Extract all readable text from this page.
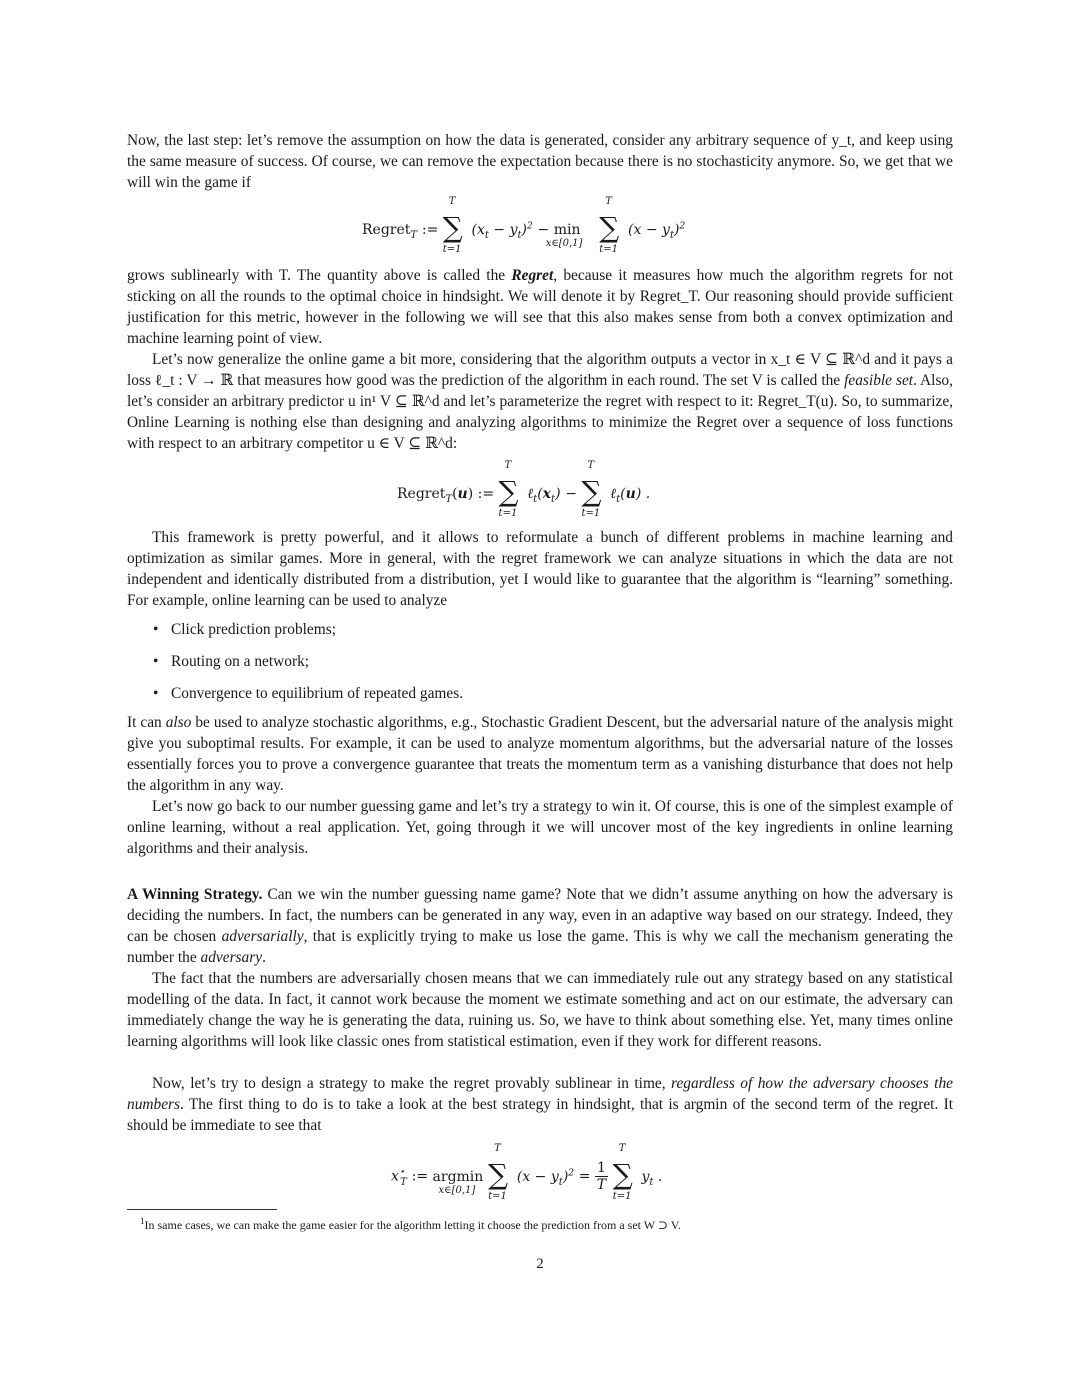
Now, the last step: let’s remove the assumption on how the data is generated, consider any arbitrary sequence of y_t, and keep using the same measure of success. Of course, we can remove the expectation because there is no stochasticity anymore. So, we get that we will win the game if

Regret$_T$ := ∑
T
t=1
$(x_t - y_t)^2 - \min$
x∈[0,1]
∑
T
t=1
$(x - y_t)^2$

grows sublinearly with T. The quantity above is called the Regret, because it measures how much the algorithm regrets for not sticking on all the rounds to the optimal choice in hindsight. We will denote it by Regret_T. Our reasoning should provide sufficient justification for this metric, however in the following we will see that this also makes sense from both a convex optimization and machine learning point of view.

Let’s now generalize the online game a bit more, considering that the algorithm outputs a vector in x_t ∈ V ⊆ ℝ^d and it pays a loss ℓ_t : V → ℝ that measures how good was the prediction of the algorithm in each round. The set V is called the feasible set. Also, let’s consider an arbitrary predictor u in¹ V ⊆ ℝ^d and let’s parameterize the regret with respect to it: Regret_T(u). So, to summarize, Online Learning is nothing else than designing and analyzing algorithms to minimize the Regret over a sequence of loss functions with respect to an arbitrary competitor u ∈ V ⊆ ℝ^d:

Regret$_T$(u) := ∑
T
t=1
$\ell_t(x_t)$ − ∑
T
t=1
ℓ$_t$(u) .

This framework is pretty powerful, and it allows to reformulate a bunch of different problems in machine learning and optimization as similar games. More in general, with the regret framework we can analyze situations in which the data are not independent and identically distributed from a distribution, yet I would like to guarantee that the algorithm is “learning” something. For example, online learning can be used to analyze

• Click prediction problems;
• Routing on a network;
• Convergence to equilibrium of repeated games.

It can also be used to analyze stochastic algorithms, e.g., Stochastic Gradient Descent, but the adversarial nature of the analysis might give you suboptimal results. For example, it can be used to analyze momentum algorithms, but the adversarial nature of the losses essentially forces you to prove a convergence guarantee that treats the momentum term as a vanishing disturbance that does not help the algorithm in any way.

Let’s now go back to our number guessing game and let’s try a strategy to win it. Of course, this is one of the simplest example of online learning, without a real application. Yet, going through it we will uncover most of the key ingredients in online learning algorithms and their analysis.

A Winning Strategy. Can we win the number guessing name game? Note that we didn’t assume anything on how the adversary is deciding the numbers. In fact, the numbers can be generated in any way, even in an adaptive way based on our strategy. Indeed, they can be chosen adversarially, that is explicitly trying to make us lose the game. This is why we call the mechanism generating the number the adversary.

The fact that the numbers are adversarially chosen means that we can immediately rule out any strategy based on any statistical modelling of the data. In fact, it cannot work because the moment we estimate something and act on our estimate, the adversary can immediately change the way he is generating the data, ruining us. So, we have to think about something else. Yet, many times online learning algorithms will look like classic ones from statistical estimation, even if they work for different reasons.

Now, let’s try to design a strategy to make the regret provably sublinear in time, regardless of how the adversary chooses the numbers. The first thing to do is to take a look at the best strategy in hindsight, that is argmin of the second term of the regret. It should be immediate to see that

$x^⋆_T$ := argmin
x∈[0,1]
∑
T
t=1
$(x - y_t)^2 = \frac{1}{T}$
∑
T
t=1
$y_t$ .
$^1$In same cases, we can make the game easier for the algorithm letting it choose the prediction from a set W ⊃ V.
2
